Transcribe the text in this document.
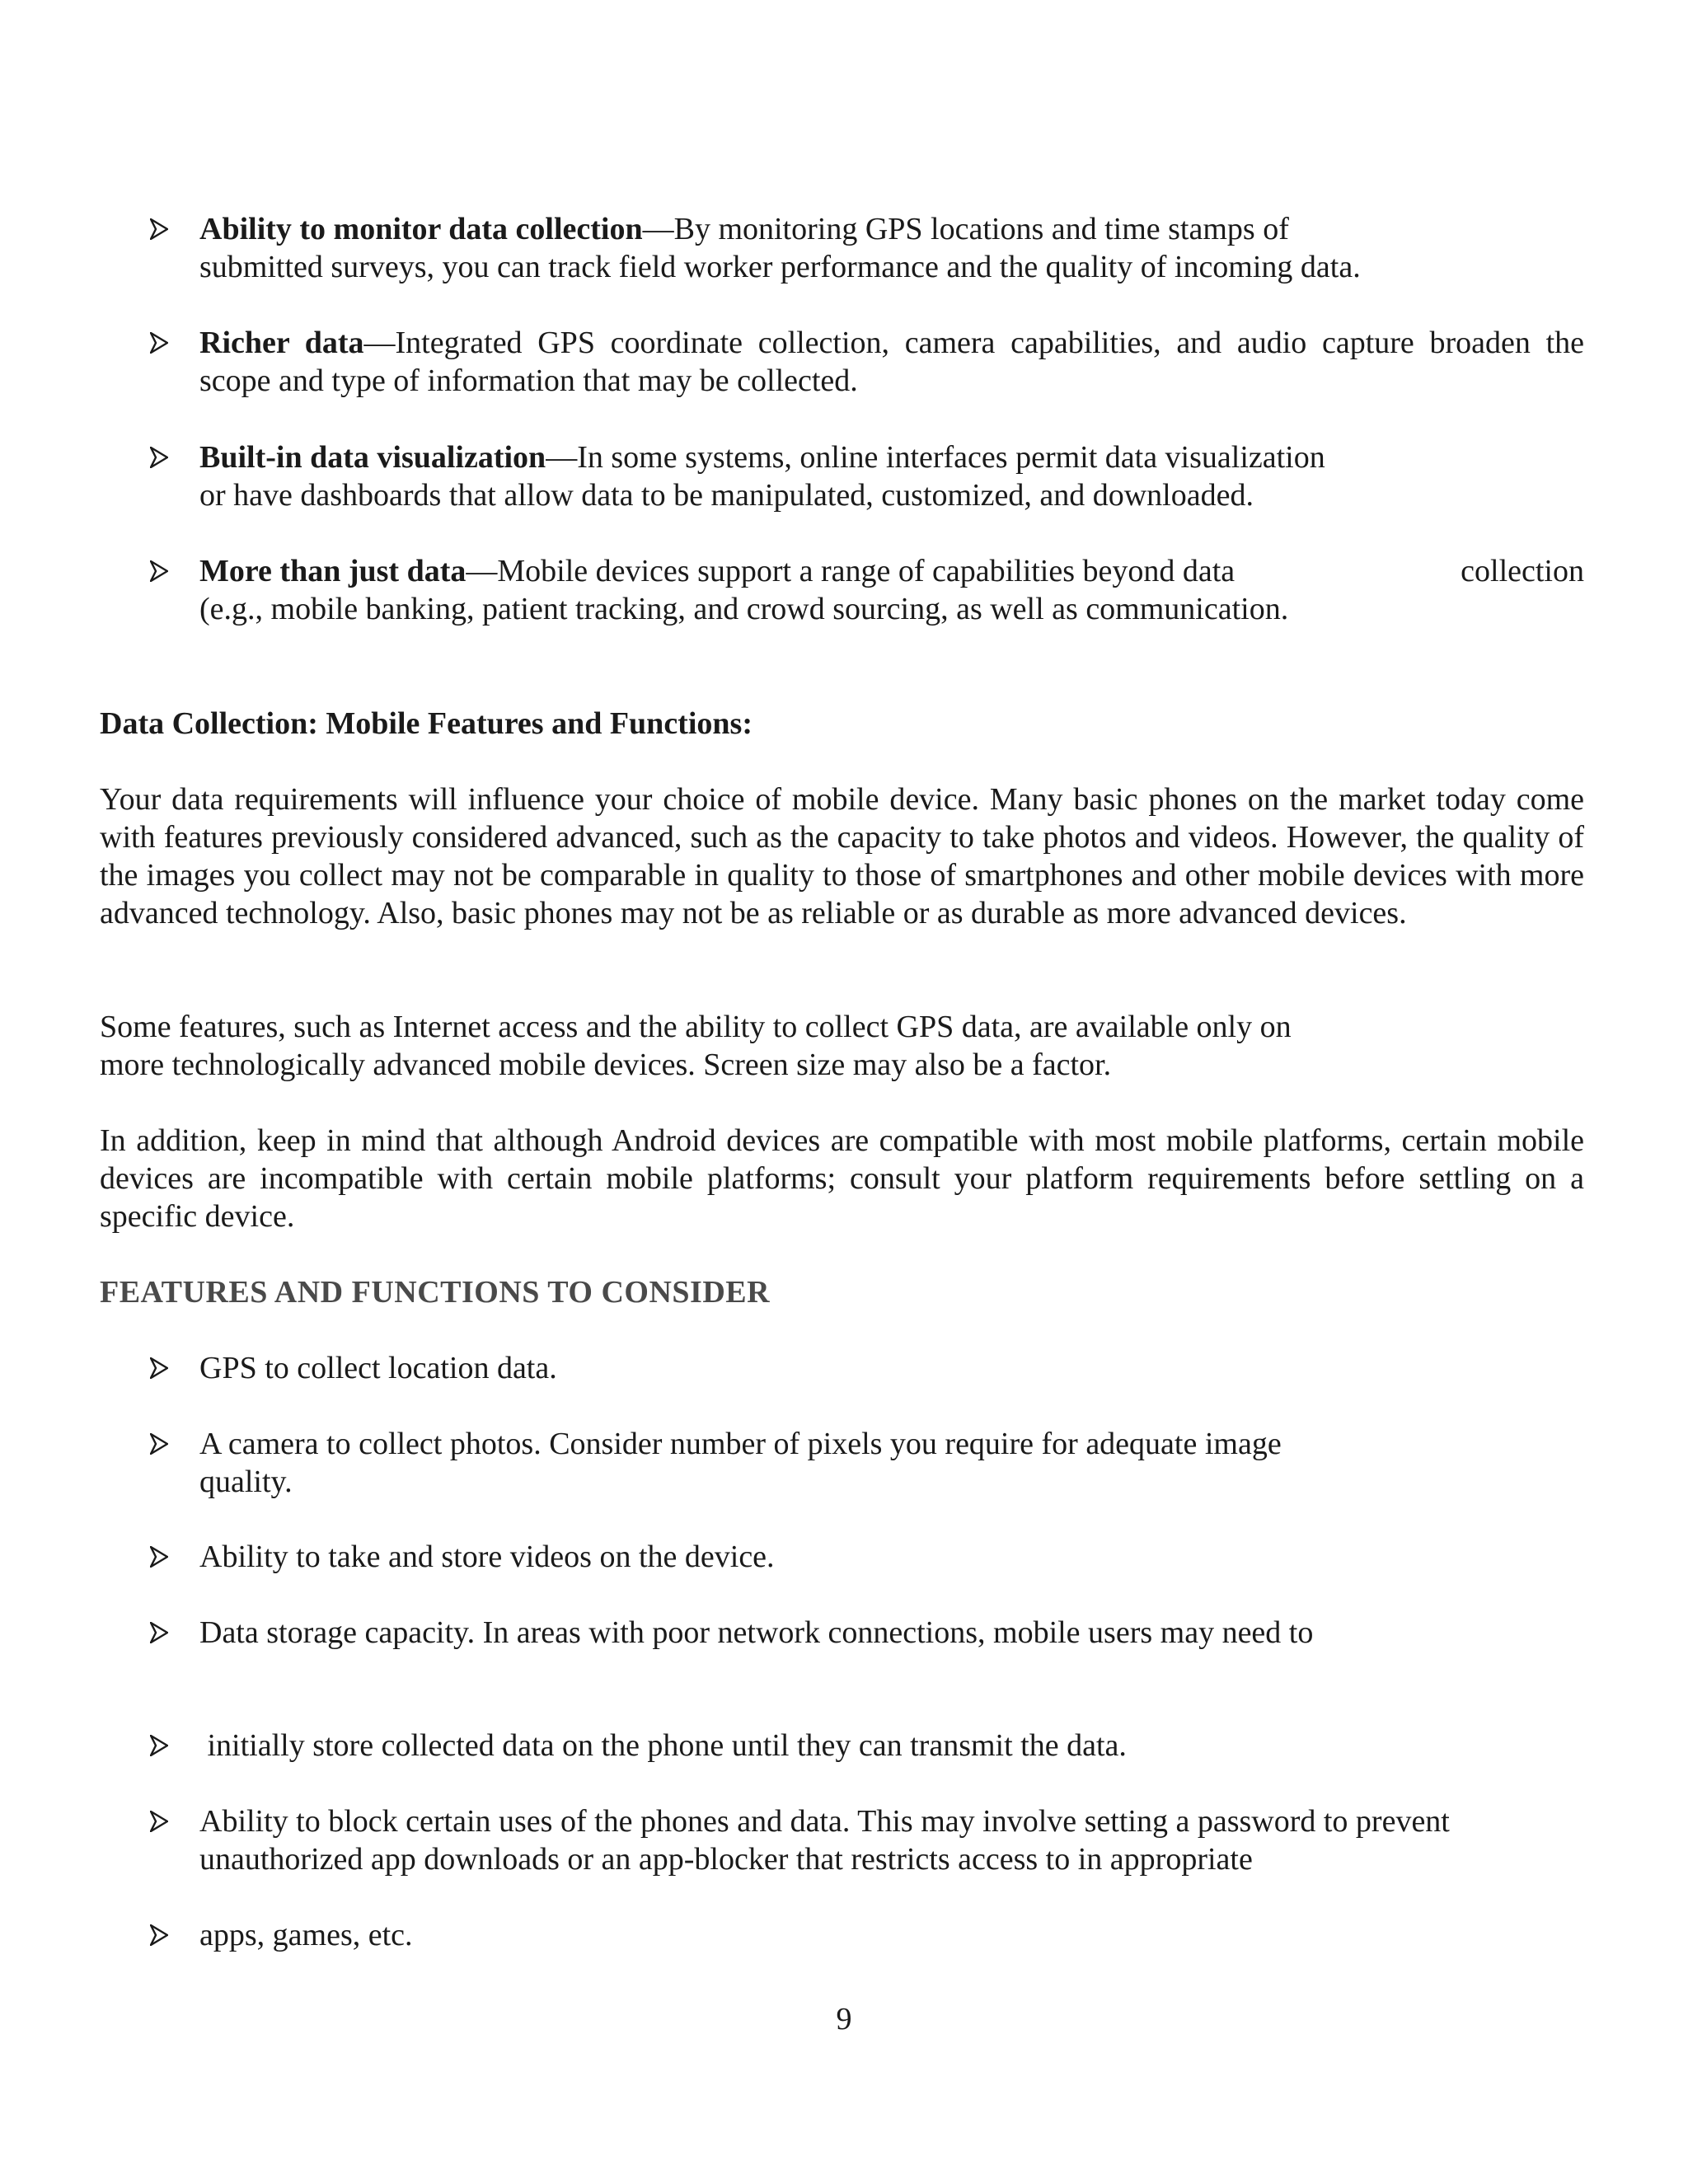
Ability to monitor data collection—By monitoring GPS locations and time stamps of
submitted surveys, you can track field worker performance and the quality of incoming data.
Richer data—Integrated GPS coordinate collection, camera capabilities, and audio capture broaden the
scope and type of information that may be collected.
Built-in data visualization—In some systems, online interfaces permit data visualization
or have dashboards that allow data to be manipulated, customized, and downloaded.
More than just data—Mobile devices support a range of capabilities beyond data	collection
(e.g., mobile banking, patient tracking, and crowd sourcing, as well as communication.
Data Collection: Mobile Features and Functions:
Your data requirements will influence your choice of mobile device. Many basic phones on the market today come with features previously considered advanced, such as the capacity to take photos and videos. However, the quality of the images you collect may not be comparable in quality to those of smartphones and other mobile devices with more advanced technology. Also, basic phones may not be as reliable or as durable as more advanced devices.
Some features, such as Internet access and the ability to collect GPS data, are available only on
more technologically advanced mobile devices. Screen size may also be a factor.
In addition, keep in mind that although Android devices are compatible with most mobile platforms, certain mobile devices are incompatible with certain mobile platforms; consult your platform requirements before settling on a specific device.
FEATURES AND FUNCTIONS TO CONSIDER
GPS to collect location data.
A camera to collect photos. Consider number of pixels you require for adequate image
quality.
Ability to take and store videos on the device.
Data storage capacity. In areas with poor network connections, mobile users may need to
initially store collected data on the phone until they can transmit the data.
Ability to block certain uses of the phones and data. This may involve setting a password to prevent
unauthorized app downloads or an app-blocker that restricts access to in appropriate
apps, games, etc.
9
